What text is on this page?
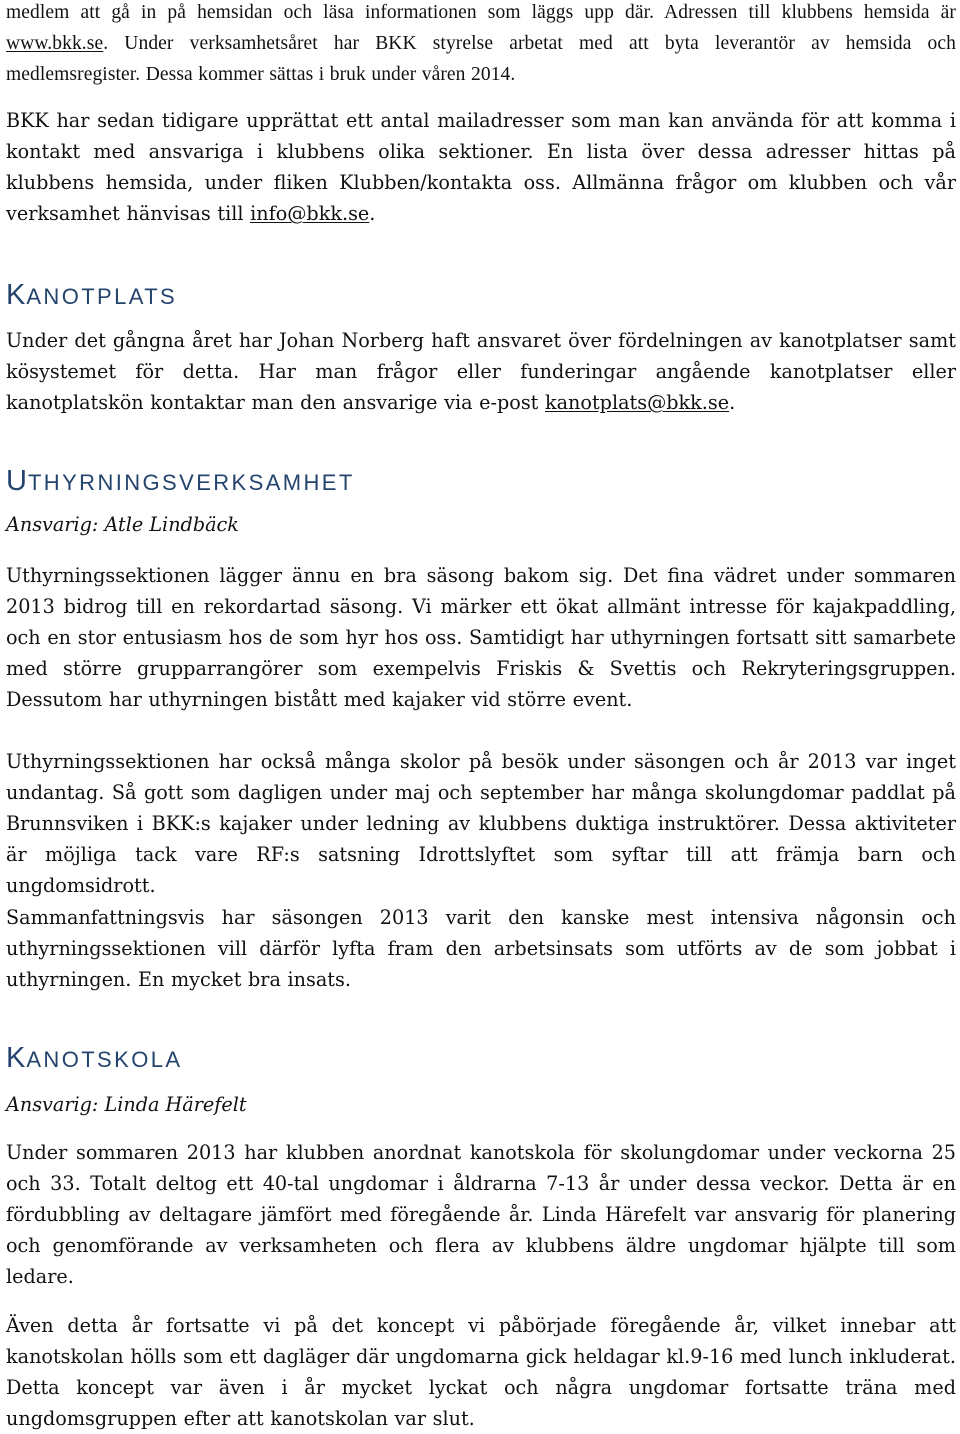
medlem att gå in på hemsidan och läsa informationen som läggs upp där. Adressen till klubbens hemsida är www.bkk.se. Under verksamhetsåret har BKK styrelse arbetat med att byta leverantör av hemsida och medlemsregister. Dessa kommer sättas i bruk under våren 2014.

BKK har sedan tidigare upprättat ett antal mailadresser som man kan använda för att komma i kontakt med ansvariga i klubbens olika sektioner. En lista över dessa adresser hittas på klubbens hemsida, under fliken Klubben/kontakta oss. Allmänna frågor om klubben och vår verksamhet hänvisas till info@bkk.se.

KANOTPLATS

Under det gångna året har Johan Norberg haft ansvaret över fördelningen av kanotplatser samt kösystemet för detta. Har man frågor eller funderingar angående kanotplatser eller kanotplatskön kontaktar man den ansvarige via e-post kanotplats@bkk.se.

UTHYRNINGSVERKSAMHET
Ansvarig: Atle Lindbäck

Uthyrningssektionen lägger ännu en bra säsong bakom sig. Det fina vädret under sommaren 2013 bidrog till en rekordartad säsong. Vi märker ett ökat allmänt intresse för kajakpaddling, och en stor entusiasm hos de som hyr hos oss. Samtidigt har uthyrningen fortsatt sitt samarbete med större grupparrangörer som exempelvis Friskis & Svettis och Rekryteringsgruppen. Dessutom har uthyrningen bistått med kajaker vid större event.

Uthyrningssektionen har också många skolor på besök under säsongen och år 2013 var inget undantag. Så gott som dagligen under maj och september har många skolungdomar paddlat på Brunnsviken i BKK:s kajaker under ledning av klubbens duktiga instruktörer. Dessa aktiviteter är möjliga tack vare RF:s satsning Idrottslyftet som syftar till att främja barn och ungdomsidrott.

Sammanfattningsvis har säsongen 2013 varit den kanske mest intensiva någonsin och uthyrningssektionen vill därför lyfta fram den arbetsinsats som utförts av de som jobbat i uthyrningen. En mycket bra insats.

KANOTSKOLA
Ansvarig: Linda Härefelt

Under sommaren 2013 har klubben anordnat kanotskola för skolungdomar under veckorna 25 och 33. Totalt deltog ett 40-tal ungdomar i åldrarna 7-13 år under dessa veckor. Detta är en fördubbling av deltagare jämfört med föregående år. Linda Härefelt var ansvarig för planering och genomförande av verksamheten och flera av klubbens äldre ungdomar hjälpte till som ledare.

Även detta år fortsatte vi på det koncept vi påbörjade föregående år, vilket innebar att kanotskolan hölls som ett dagläger där ungdomarna gick heldagar kl.9-16 med lunch inkluderat. Detta koncept var även i år mycket lyckat och några ungdomar fortsatte träna med ungdomsgruppen efter att kanotskolan var slut.
